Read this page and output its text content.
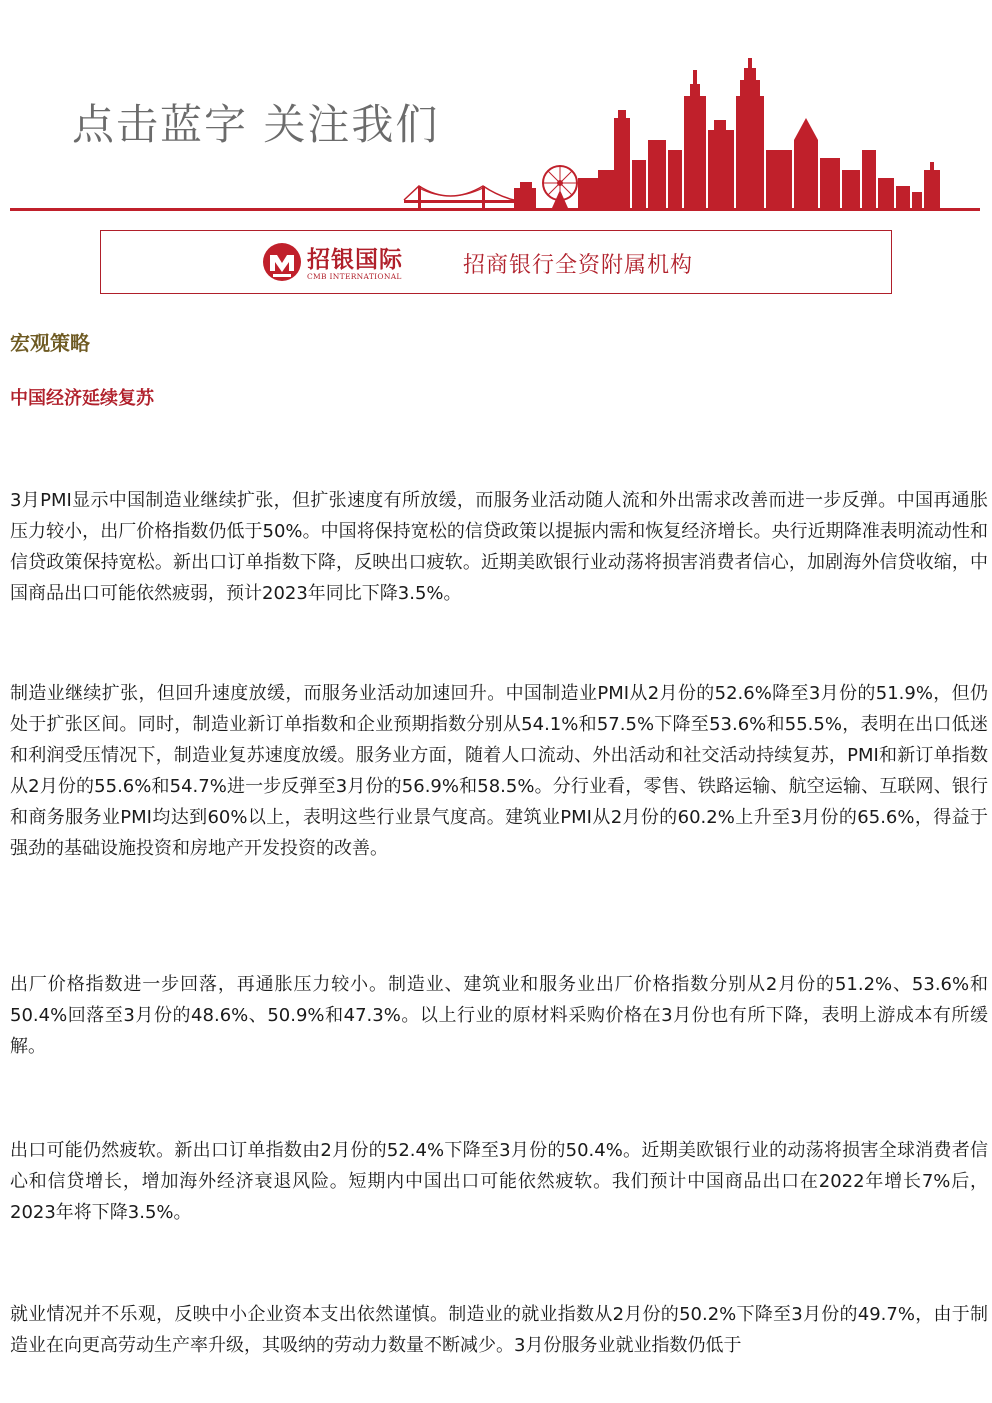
点击蓝字 关注我们
招银国际
CMB INTERNATIONAL	招商银行全资附属机构
宏观策略
中国经济延续复苏

3月PMI显示中国制造业继续扩张，但扩张速度有所放缓，而服务业活动随人流和外出需求改善而进一步反弹。中国再通胀压力较小，出厂价格指数仍低于50%。中国将保持宽松的信贷政策以提振内需和恢复经济增长。央行近期降准表明流动性和信贷政策保持宽松。新出口订单指数下降，反映出口疲软。近期美欧银行业动荡将损害消费者信心，加剧海外信贷收缩，中国商品出口可能依然疲弱，预计2023年同比下降3.5%。

制造业继续扩张，但回升速度放缓，而服务业活动加速回升。中国制造业PMI从2月份的52.6%降至3月份的51.9%，但仍处于扩张区间。同时，制造业新订单指数和企业预期指数分别从54.1%和57.5%下降至53.6%和55.5%，表明在出口低迷和利润受压情况下，制造业复苏速度放缓。服务业方面，随着人口流动、外出活动和社交活动持续复苏，PMI和新订单指数从2月份的55.6%和54.7%进一步反弹至3月份的56.9%和58.5%。分行业看，零售、铁路运输、航空运输、互联网、银行和商务服务业PMI均达到60%以上，表明这些行业景气度高。建筑业PMI从2月份的60.2%上升至3月份的65.6%，得益于强劲的基础设施投资和房地产开发投资的改善。

出厂价格指数进一步回落，再通胀压力较小。制造业、建筑业和服务业出厂价格指数分别从2月份的51.2%、53.6%和50.4%回落至3月份的48.6%、50.9%和47.3%。以上行业的原材料采购价格在3月份也有所下降，表明上游成本有所缓解。

出口可能仍然疲软。新出口订单指数由2月份的52.4%下降至3月份的50.4%。近期美欧银行业的动荡将损害全球消费者信心和信贷增长，增加海外经济衰退风险。短期内中国出口可能依然疲软。我们预计中国商品出口在2022年增长7%后，2023年将下降3.5%。

就业情况并不乐观，反映中小企业资本支出依然谨慎。制造业的就业指数从2月份的50.2%下降至3月份的49.7%，由于制造业在向更高劳动生产率升级，其吸纳的劳动力数量不断减少。3月份服务业就业指数仍低于
